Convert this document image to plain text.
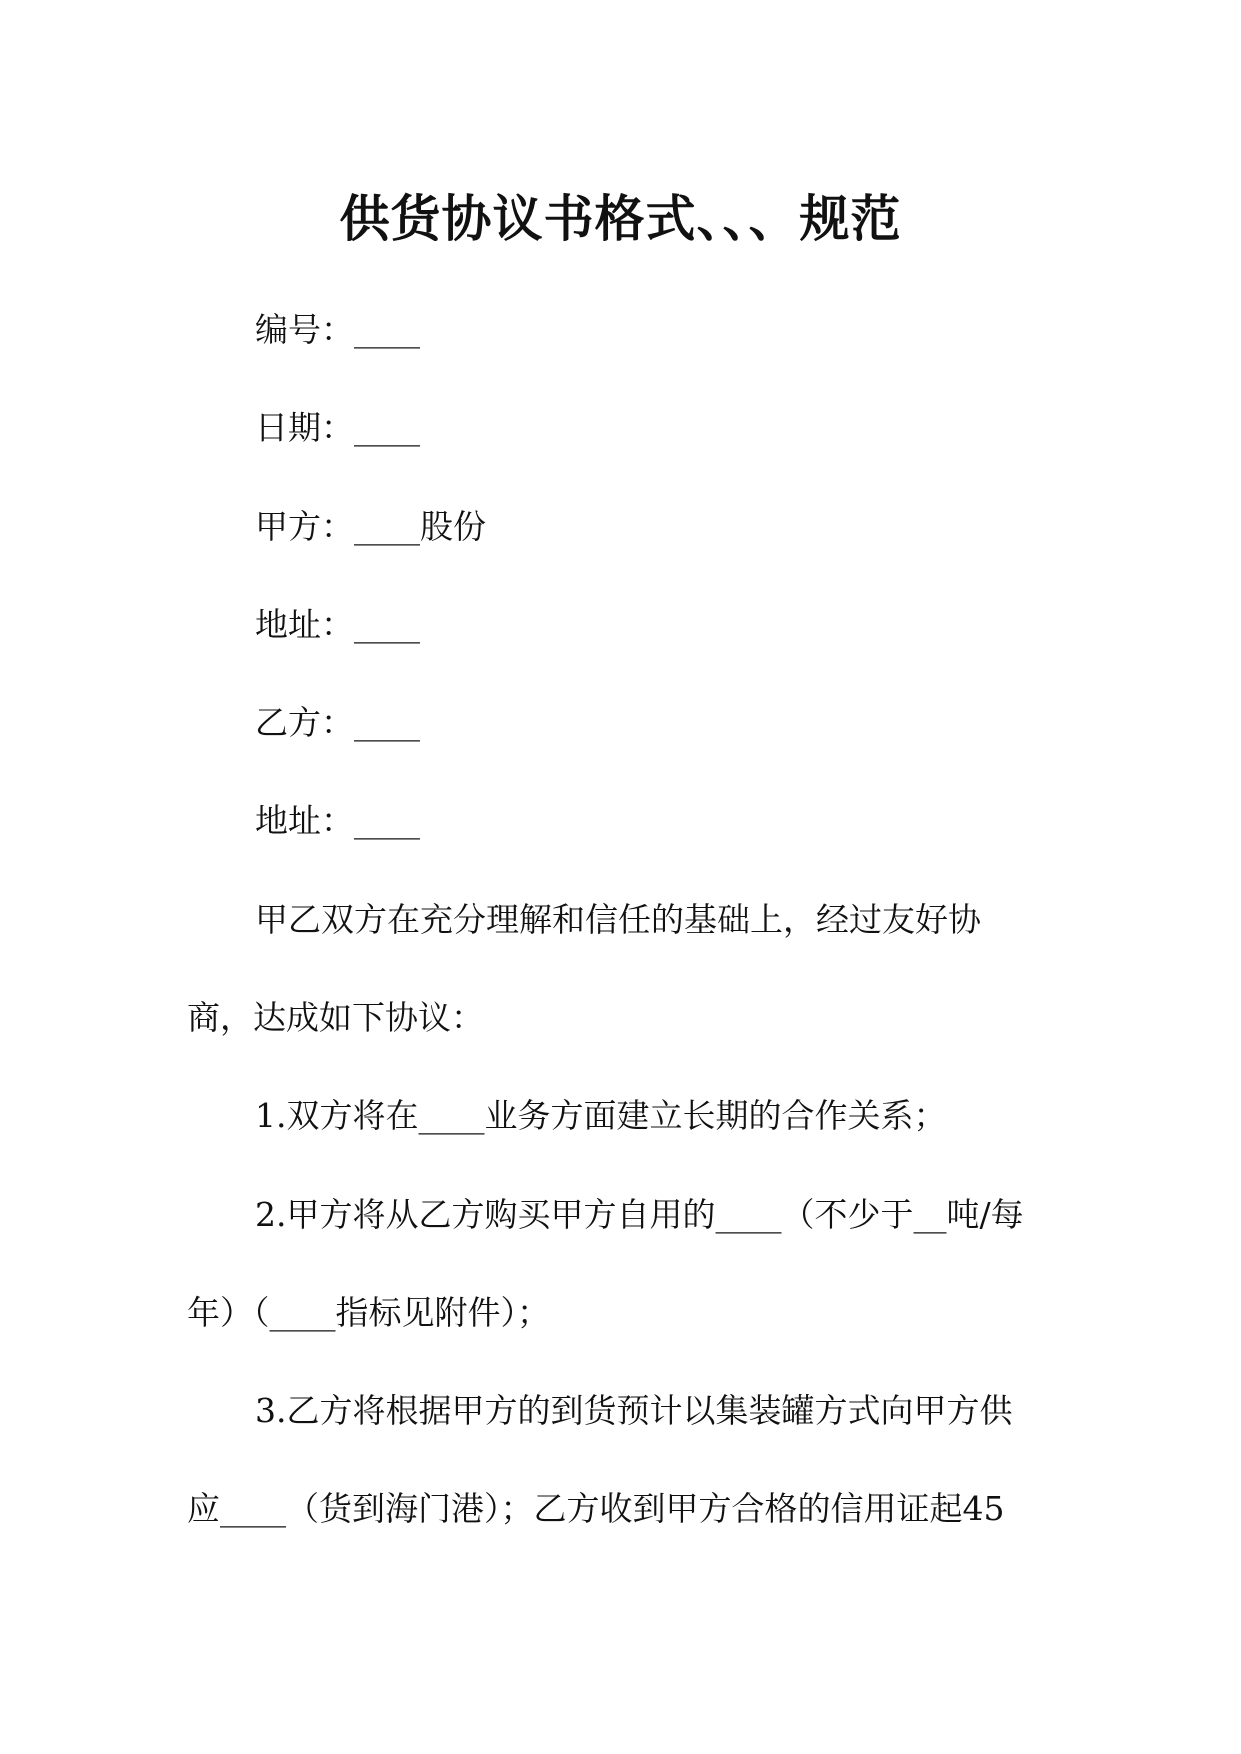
供货协议书格式、、、规范
编号：____
日期：____
甲方：____股份
地址：____
乙方：____
地址：____
甲乙双方在充分理解和信任的基础上，经过友好协
商，达成如下协议：
1.双方将在____业务方面建立长期的合作关系；
2.甲方将从乙方购买甲方自用的____（不少于__吨/每
年）（____指标见附件）；
3.乙方将根据甲方的到货预计以集装罐方式向甲方供
应____（货到海门港）；乙方收到甲方合格的信用证起45
